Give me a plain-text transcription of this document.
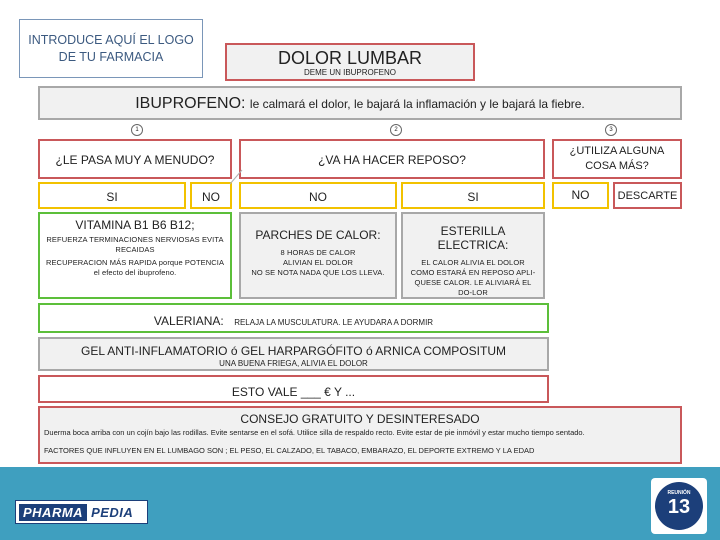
INTRODUCE AQUÍ EL LOGO DE TU FARMACIA	DOLOR LUMBAR
DEME UN IBUPROFENO
IBUPROFENO: le calmará el dolor, le bajará la inflamación y le bajará la fiebre.
1	2	3
¿LE PASA MUY A MENUDO?	¿VA HA HACER REPOSO?
¿UTILIZA ALGUNA COSA MÁS?
SI	NO	NO	SI	NO	DESCARTE
VITAMINA B1 B6 B12;
REFUERZA TERMINACIONES NERVIOSAS EVITA RECAIDAS
RECUPERACION MÁS RAPIDA porque POTENCIA el efecto del ibuprofeno.
PARCHES DE CALOR:
8 HORAS DE CALOR
ALIVIAN EL DOLOR
NO SE NOTA NADA QUE LOS LLEVA.
ESTERILLA ELECTRICA:
EL CALOR ALIVIA EL DOLOR COMO ESTARÁ EN REPOSO APLI-QUESE CALOR. LE ALIVIARÁ EL DO-LOR
VALERIANA: RELAJA LA MUSCULATURA. LE AYUDARA A DORMIR
GEL ANTI-INFLAMATORIO ó GEL HARPARGÓFITO ó ARNICA COMPOSITUM
UNA BUENA FRIEGA, ALIVIA EL DOLOR
ESTO VALE ___ € Y ...
CONSEJO GRATUITO Y DESINTERESADO
Duerma boca arriba con un cojín bajo las rodillas. Evite sentarse en el sofá. Utilice silla de respaldo recto. Evite estar de pie inmóvil y estar mucho tiempo sentado.
FACTORES QUE INFLUYEN EN EL LUMBAGO SON ; EL PESO, EL CALZADO, EL TABACO, EMBARAZO, EL DEPORTE EXTREMO Y LA EDAD
PHARMA PEDIA
REUNIÓN
13
